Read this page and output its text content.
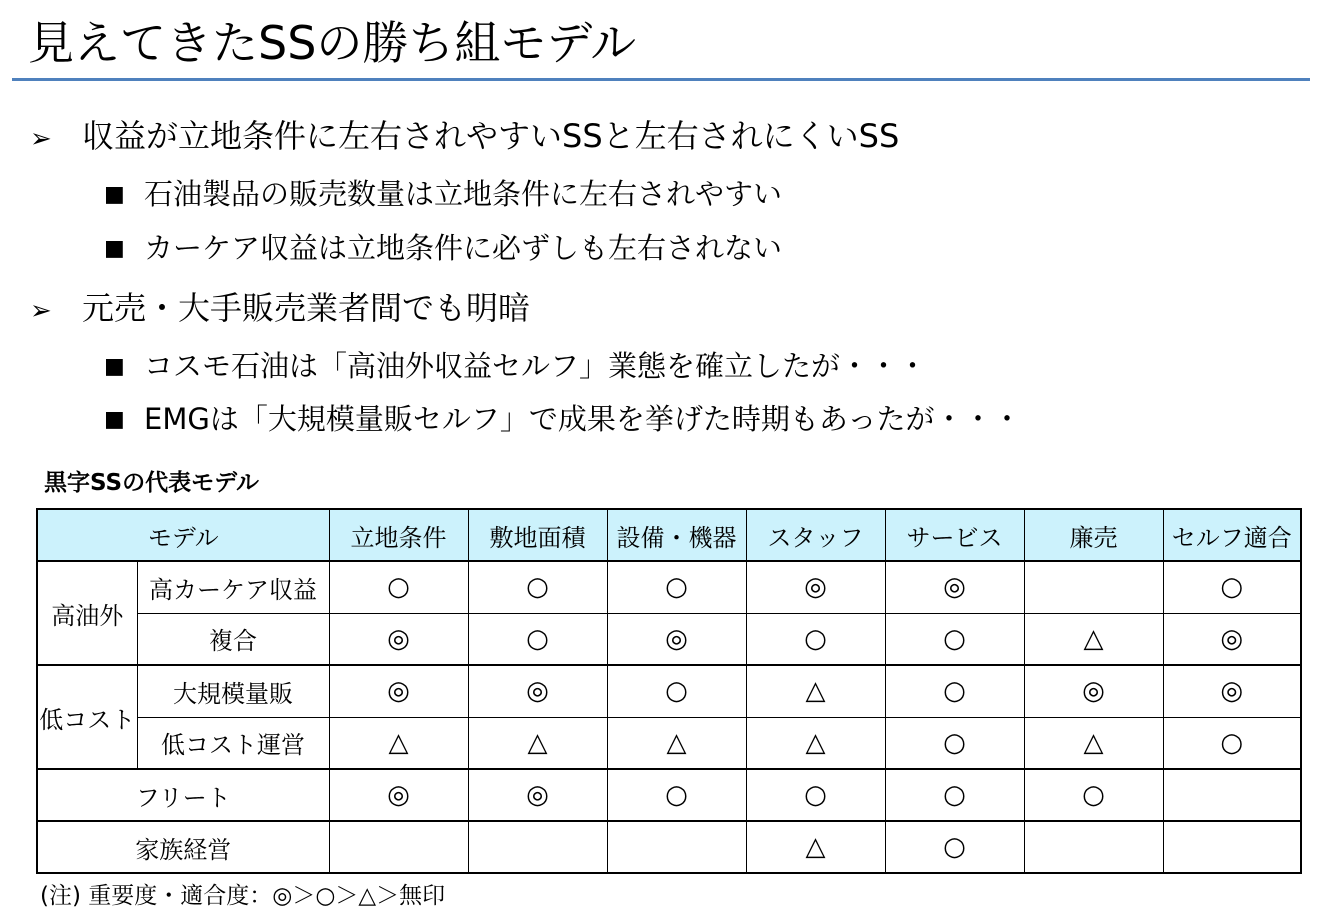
見えてきたSSの勝ち組モデル
➢ 収益が立地条件に左右されやすいSSと左右されにくいSS
■ 石油製品の販売数量は立地条件に左右されやすい
■ カーケア収益は立地条件に必ずしも左右されない
➢ 元売・大手販売業者間でも明暗
■ コスモ石油は「高油外収益セルフ」業態を確立したが・・・
■ EMGは「大規模量販セルフ」で成果を挙げた時期もあったが・・・
黒字SSの代表モデル
モデル		立地条件	敷地面積	設備・機器	スタッフ	サービス	廉売	セルフ適合
高油外	高カーケア収益	○	○	○	◎	◎		○
	複合	◎	○	◎	○	○	△	◎
低コスト	大規模量販	◎	◎	○	△	○	◎	◎
	低コスト運営	△	△	△	△	○	△	○
フリート		◎	◎	○	○	○	○	
家族経営					△	○		
(注) 重要度・適合度：◎＞○＞△＞無印
